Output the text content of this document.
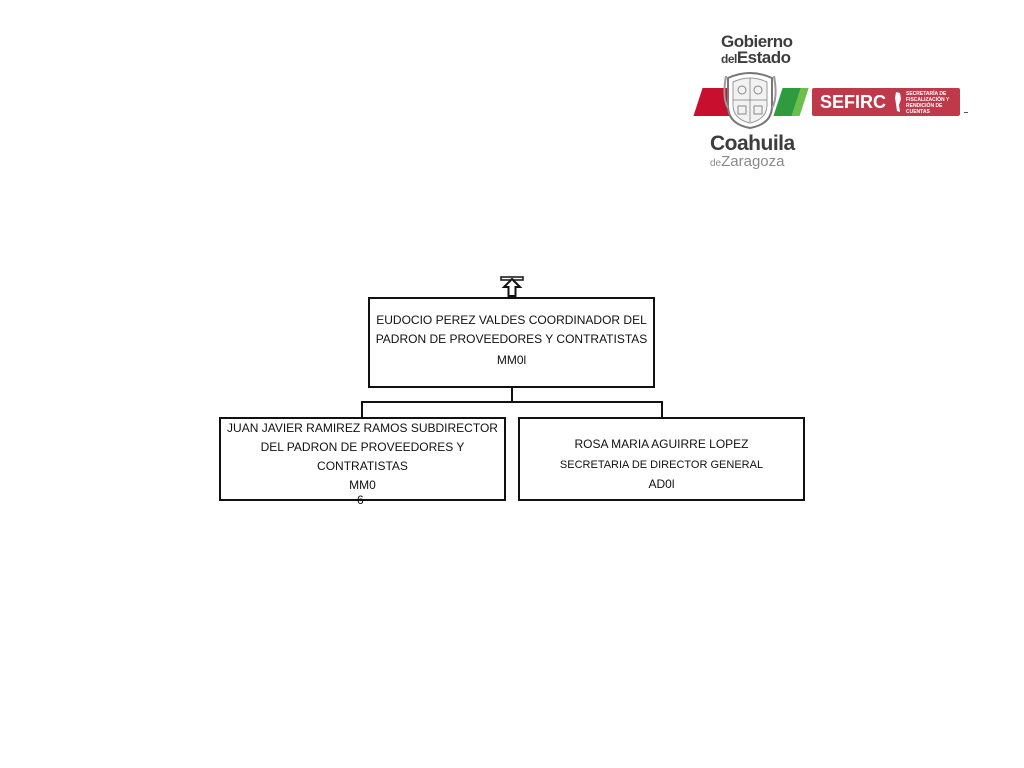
Gobierno
delEstado
Coahuila
deZaragoza
SEFIRC	SECRETARÍA DE FISCALIZACIÓN Y RENDICIÓN DE CUENTAS
EUDOCIO PEREZ VALDES COORDINADOR DEL
PADRON DE PROVEEDORES Y CONTRATISTAS
MM0l
JUAN JAVIER RAMIREZ RAMOS SUBDIRECTOR
DEL PADRON DE PROVEEDORES Y
CONTRATISTAS
MM0
6
ROSA MARIA AGUIRRE LOPEZ
SECRETARIA DE DIRECTOR GENERAL
AD0l
